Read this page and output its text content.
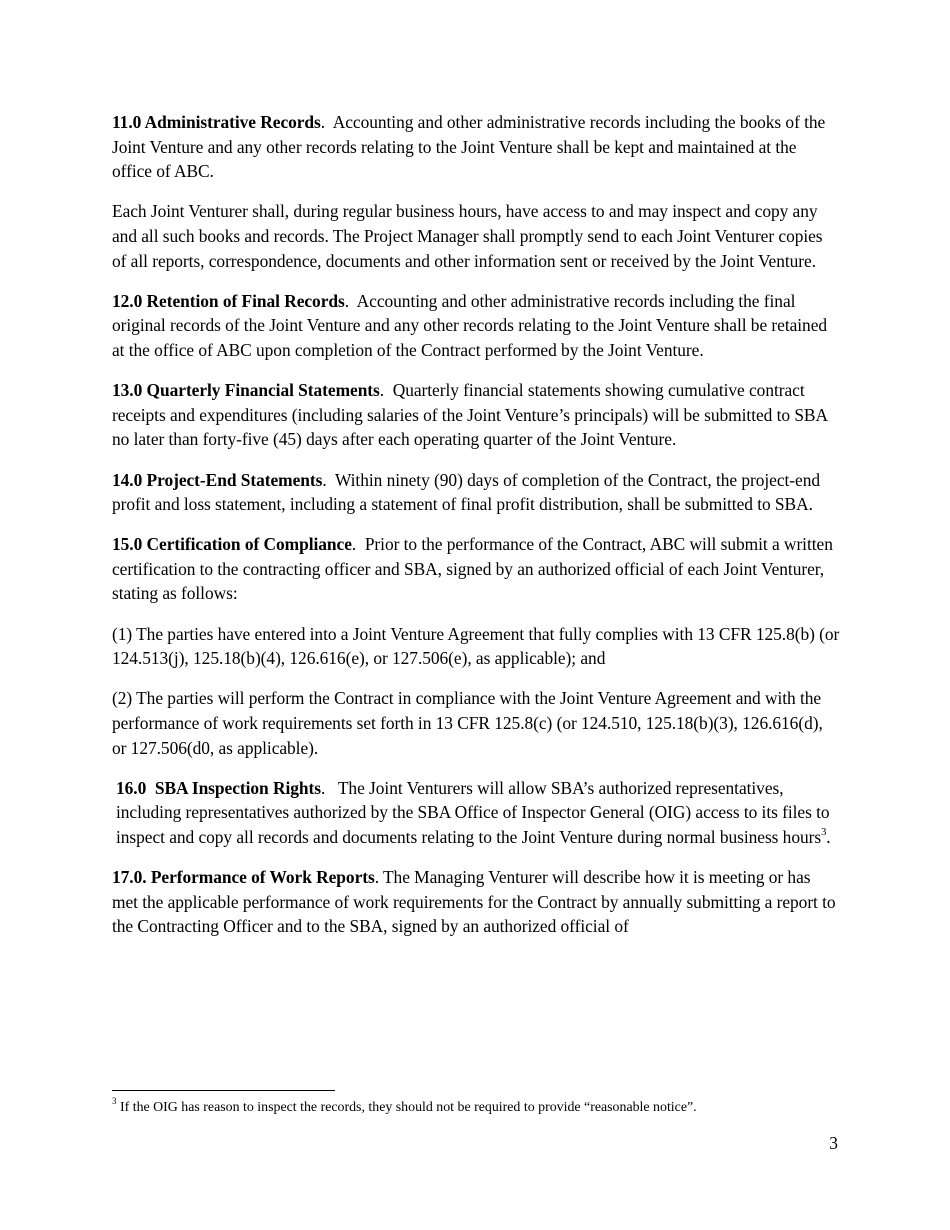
11.0 Administrative Records.  Accounting and other administrative records including the books of the Joint Venture and any other records relating to the Joint Venture shall be kept and maintained at the office of ABC.

Each Joint Venturer shall, during regular business hours, have access to and may inspect and copy any and all such books and records. The Project Manager shall promptly send to each Joint Venturer copies of all reports, correspondence, documents and other information sent or received by the Joint Venture.

12.0 Retention of Final Records.  Accounting and other administrative records including the final original records of the Joint Venture and any other records relating to the Joint Venture shall be retained at the office of ABC upon completion of the Contract performed by the Joint Venture.

13.0 Quarterly Financial Statements.  Quarterly financial statements showing cumulative contract receipts and expenditures (including salaries of the Joint Venture’s principals) will be submitted to SBA no later than forty-five (45) days after each operating quarter of the Joint Venture.

14.0 Project-End Statements.  Within ninety (90) days of completion of the Contract, the project-end profit and loss statement, including a statement of final profit distribution, shall be submitted to SBA.

15.0 Certification of Compliance.  Prior to the performance of the Contract, ABC will submit a written certification to the contracting officer and SBA, signed by an authorized official of each Joint Venturer, stating as follows:

(1) The parties have entered into a Joint Venture Agreement that fully complies with 13 CFR 125.8(b) (or 124.513(j), 125.18(b)(4), 126.616(e), or 127.506(e), as applicable); and

(2) The parties will perform the Contract in compliance with the Joint Venture Agreement and with the performance of work requirements set forth in 13 CFR 125.8(c) (or 124.510, 125.18(b)(3), 126.616(d), or 127.506(d0, as applicable).

16.0  SBA Inspection Rights.   The Joint Venturers will allow SBA’s authorized representatives, including representatives authorized by the SBA Office of Inspector General (OIG) access to its files to inspect and copy all records and documents relating to the Joint Venture during normal business hours$^3$.

17.0. Performance of Work Reports. The Managing Venturer will describe how it is meeting or has met the applicable performance of work requirements for the Contract by annually submitting a report to the Contracting Officer and to the SBA, signed by an authorized official of

$^3$ If the OIG has reason to inspect the records, they should not be required to provide “reasonable notice”.
3
